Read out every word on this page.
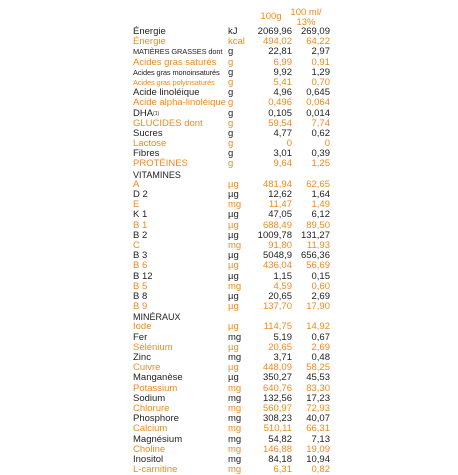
100g 100 ml/
13%
Énergie	kJ	2069,96 269,09
Énergie	kcal	494,02	64,22
MATIÈRES GRASSES dont g	22,81	2,97
Acides gras saturés	g	6,99	0,91
Acides gras monoinsaturés g	9,92	1,29
Acides gras polyinsaturés	g	5,41	0,70
Acide linoléique	g	4,96	0,645
Acide alpha-linoléique g	0,496	0,064
DHA$^{(1)}$	g	0,105	0,014
GLUCIDES dont	g	59,54	7,74
Sucres	g	4,77	0,62
Lactose	g	0	0
Fibres	g	3,01	0,39
PROTÉINES	g	9,64	1,25
VITAMINES
A	µg	481,94	62,65
D 2	µg	12,62	1,64
E	mg	11,47	1,49
K 1	µg	47,05	6,12
B 1	µg	688,49	89,50
B 2	µg	1009,78 131,27
C	mg	91,80	11,93
B 3	µg	5048,9 656,36
B 6	µg	436,04	56,69
B 12	µg	1,15	0,15
B 5	mg	4,59	0,60
B 8	µg	20,65	2,69
B 9	µg	137,70	17,90
MINÉRAUX
Iode	µg	114,75	14,92
Fer	mg	5,19	0,67
Sélénium	µg	20,65	2,69
Zinc	mg	3,71	0,48
Cuivre	µg	448,09	58,25
Manganèse	µg	350,27	45,53
Potassium	mg	640,76	83,30
Sodium	mg	132,56	17,23
Chlorure	mg	560,97	72,93
Phosphore	mg	308,23	40,07
Calcium	mg	510,11	66,31
Magnésium	mg	54,82	7,13
Choline	mg	146,88	19,09
Inositol	mg	84,18	10,94
L-carnitine	mg	6,31	0,82
